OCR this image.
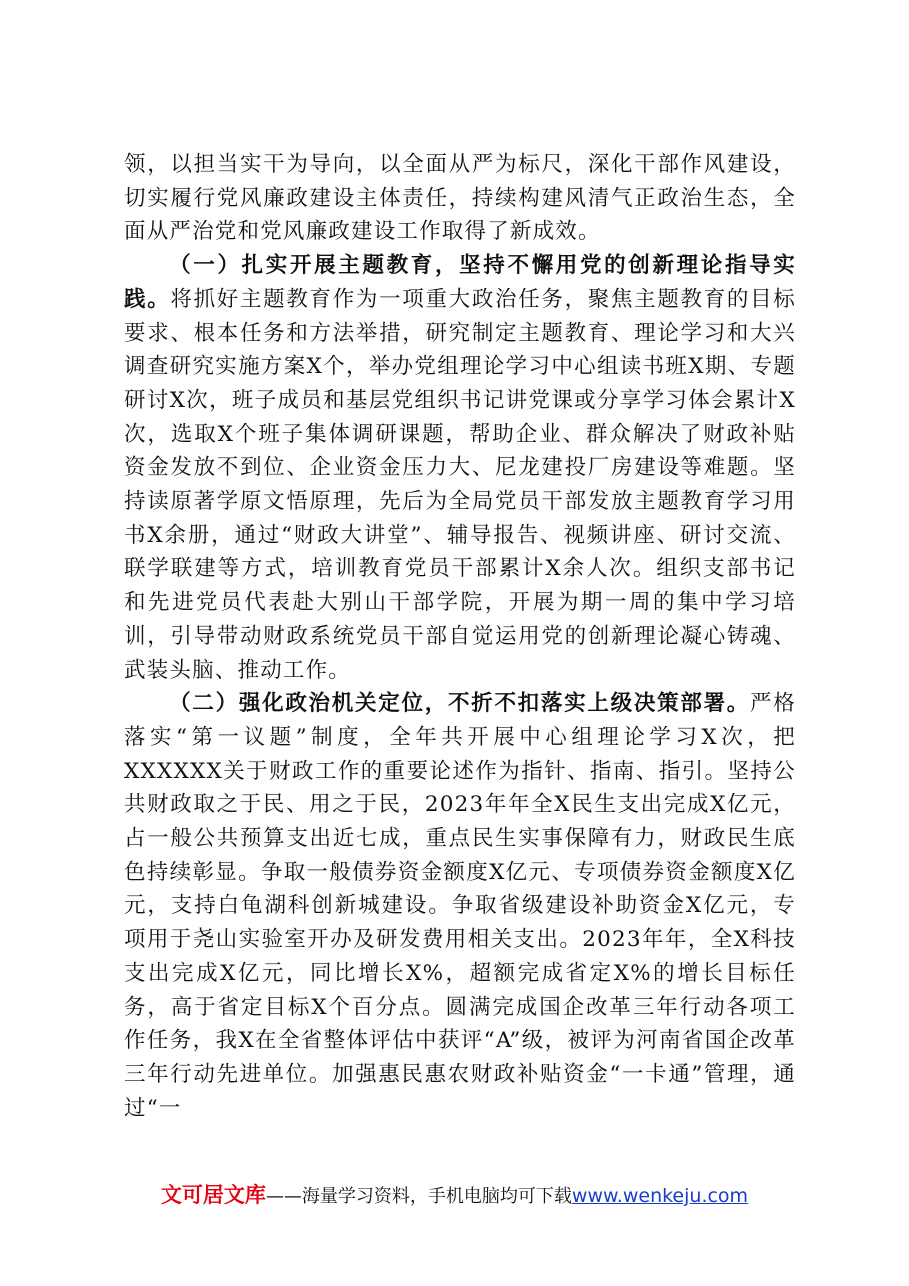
领，以担当实干为导向，以全面从严为标尺，深化干部作风建设，切实履行党风廉政建设主体责任，持续构建风清气正政治生态，全面从严治党和党风廉政建设工作取得了新成效。

（一）扎实开展主题教育，坚持不懈用党的创新理论指导实践。将抓好主题教育作为一项重大政治任务，聚焦主题教育的目标要求、根本任务和方法举措，研究制定主题教育、理论学习和大兴调查研究实施方案X个，举办党组理论学习中心组读书班X期、专题研讨X次，班子成员和基层党组织书记讲党课或分享学习体会累计X次，选取X个班子集体调研课题，帮助企业、群众解决了财政补贴资金发放不到位、企业资金压力大、尼龙建投厂房建设等难题。坚持读原著学原文悟原理，先后为全局党员干部发放主题教育学习用书X余册，通过“财政大讲堂”、辅导报告、视频讲座、研讨交流、联学联建等方式，培训教育党员干部累计X余人次。组织支部书记和先进党员代表赴大别山干部学院，开展为期一周的集中学习培训，引导带动财政系统党员干部自觉运用党的创新理论凝心铸魂、武装头脑、推动工作。

（二）强化政治机关定位，不折不扣落实上级决策部署。严格落实“第一议题”制度，全年共开展中心组理论学习X次，把XXXXXX关于财政工作的重要论述作为指针、指南、指引。坚持公共财政取之于民、用之于民，2023年年全X民生支出完成X亿元，占一般公共预算支出近七成，重点民生实事保障有力，财政民生底色持续彰显。争取一般债券资金额度X亿元、专项债券资金额度X亿元，支持白龟湖科创新城建设。争取省级建设补助资金X亿元，专项用于尧山实验室开办及研发费用相关支出。2023年年，全X科技支出完成X亿元，同比增长X%，超额完成省定X%的增长目标任务，高于省定目标X个百分点。圆满完成国企改革三年行动各项工作任务，我X在全省整体评估中获评“A”级，被评为河南省国企改革三年行动先进单位。加强惠民惠农财政补贴资金“一卡通”管理，通过“一

文可居文库——海量学习资料，手机电脑均可下载www.wenkeju.com
